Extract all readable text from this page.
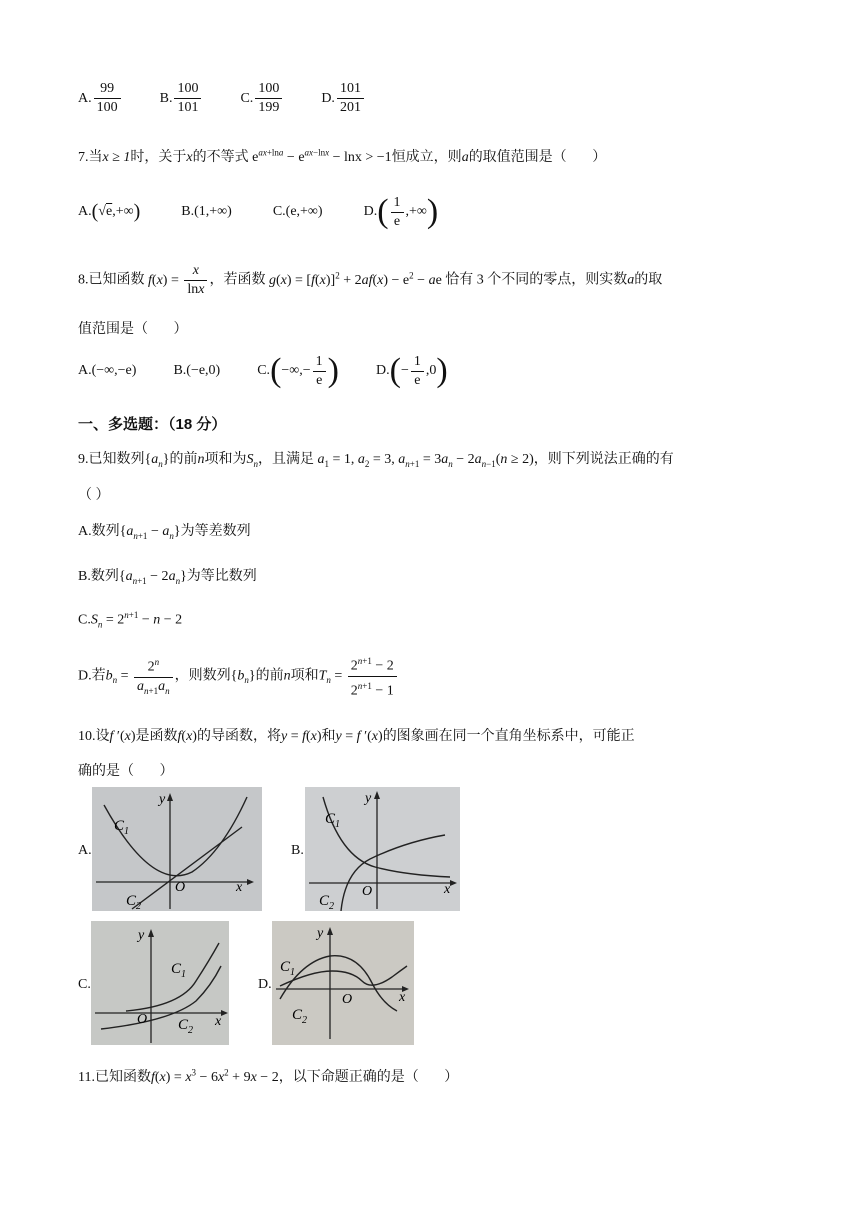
A. $\frac{99}{100}$	B. $\frac{100}{101}$	C. $\frac{100}{199}$	D. $\frac{101}{201}$
7.当x ≥ 1时，关于x的不等式 $e^{ax+lna} - e^{ax-lnx} - \ln x > -1$恒成立，则a的取值范围是（ ）
A.(√e,+∞)	B.(1,+∞)	C.(e,+∞)	$D.( \frac{1}{e}$ ,+∞)
8.已知函数 $f(x) = \frac{x}{\ln x}$ ，若函数 $g(x) = [f(x)]^2 + 2af(x) - e^2$ − ae 恰有 3 个不同的零点，则实数a的取
值范围是（ ）
A.(−∞,−e)	B.(−e,0)	$C.(-\infty,- \frac{1}{e}$ )	$D.(- \frac{1}{e} ,0)$
一、多选题：（18 分）
9.已知数列$\{a_n\}$的前n项和为$S_n$，且满足 $a_1 = 1$, $a_2 = 3$, $a_{n+1} = 3a_n - 2a_{n-1}(n \ge 2)$，则下列说法正确的有
（ ）
A.数列$\{a_{n+1} - a_n\}$为等差数列
B.数列$\{a_{n+1} - 2a_n\}$为等比数列
$C.S_n = 2^{n+1} - n - 2$
D.若$b_n = \frac{2^n}{a_{n+1}a_n}$ ，则数列$\{b_n\}$的前n项和$T_n = \frac{2^{n+1} - 2}{2^{n+1} - 1}$
10.设f ′(x)是函数f(x)的导函数，将y = f(x)和y = f ′(x)的图象画在同一个直角坐标系中，可能正
确的是（ ）
A.
$C_1$
$C_2$
O	x
y
B.
$C_1$
$C_2$
O	x
y
C.
$C_1$
$C_2$
O	x
y
D.
$C_1$
$C_2$
O	x
y
11.已知函数$f(x) = x^3 - 6x^2 + 9x - 2$，以下命题正确的是（ ）
